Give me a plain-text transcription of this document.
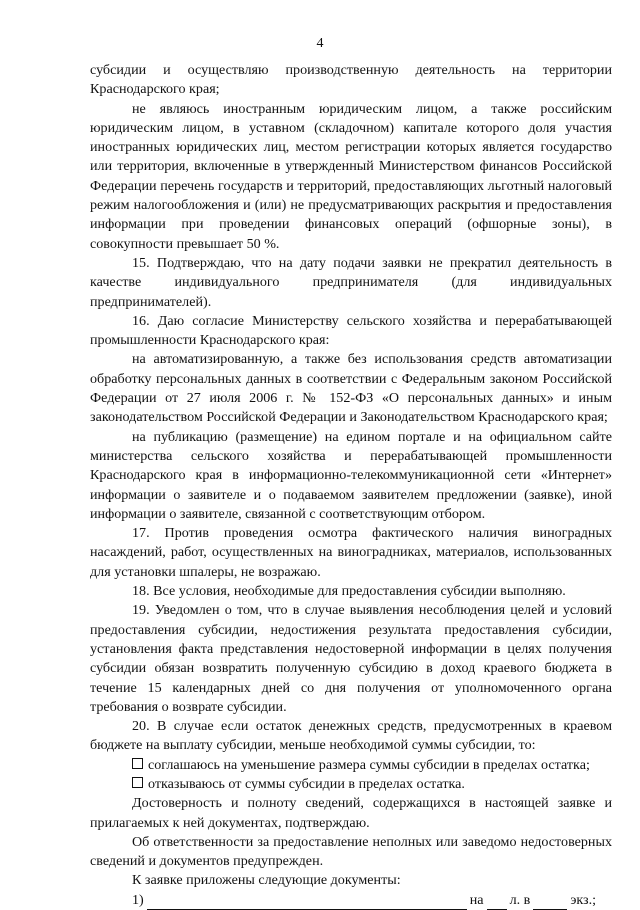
4

субсидии и осуществляю производственную деятельность на территории Краснодарского края;

не являюсь иностранным юридическим лицом, а также российским юридическим лицом, в уставном (складочном) капитале которого доля участия иностранных юридических лиц, местом регистрации которых является государство или территория, включенные в утвержденный Министерством финансов Российской Федерации перечень государств и территорий, предоставляющих льготный налоговый режим налогообложения и (или) не предусматривающих раскрытия и предоставления информации при проведении финансовых операций (офшорные зоны), в совокупности превышает 50 %.

15. Подтверждаю, что на дату подачи заявки не прекратил деятельность в качестве индивидуального предпринимателя (для индивидуальных предпринимателей).

16. Даю согласие Министерству сельского хозяйства и перерабатывающей промышленности Краснодарского края:

на автоматизированную, а также без использования средств автоматизации обработку персональных данных в соответствии с Федеральным законом Российской Федерации от 27 июля 2006 г. № 152-ФЗ «О персональных данных» и иным законодательством Российской Федерации и Законодательством Краснодарского края;

на публикацию (размещение) на едином портале и на официальном сайте министерства сельского хозяйства и перерабатывающей промышленности Краснодарского края в информационно-телекоммуникационной сети «Интернет» информации о заявителе и о подаваемом заявителем предложении (заявке), иной информации о заявителе, связанной с соответствующим отбором.

17. Против проведения осмотра фактического наличия виноградных насаждений, работ, осуществленных на виноградниках, материалов, использованных для установки шпалеры, не возражаю.

18. Все условия, необходимые для предоставления субсидии выполняю.

19. Уведомлен о том, что в случае выявления несоблюдения целей и условий предоставления субсидии, недостижения результата предоставления субсидии, установления факта представления недостоверной информации в целях получения субсидии обязан возвратить полученную субсидию в доход краевого бюджета в течение 15 календарных дней со дня получения от уполномоченного органа требования о возврате субсидии.

20. В случае если остаток денежных средств, предусмотренных в краевом бюджете на выплату субсидии, меньше необходимой суммы субсидии, то:

соглашаюсь на уменьшение размера суммы субсидии в пределах остатка;

отказываюсь от суммы субсидии в пределах остатка.

Достоверность и полноту сведений, содержащихся в настоящей заявке и прилагаемых к ней документах, подтверждаю.

Об ответственности за предоставление неполных или заведомо недостоверных сведений и документов предупрежден.

К заявке приложены следующие документы:

1)	на л. в	экз.;
